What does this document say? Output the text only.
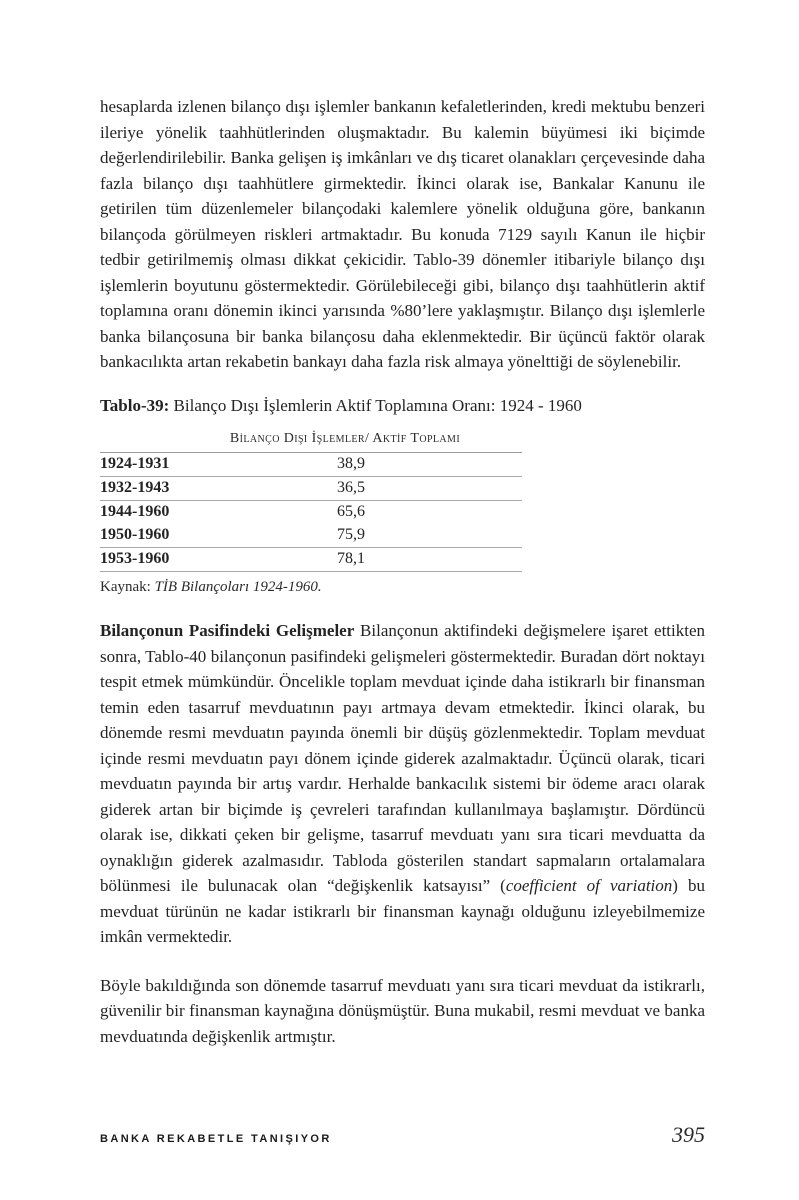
hesaplarda izlenen bilanço dışı işlemler bankanın kefaletlerinden, kredi mektubu benzeri ileriye yönelik taahhütlerinden oluşmaktadır. Bu kalemin büyümesi iki biçimde değerlendirilebilir. Banka gelişen iş imkânları ve dış ticaret olanakları çerçevesinde daha fazla bilanço dışı taahhütlere girmektedir. İkinci olarak ise, Bankalar Kanunu ile getirilen tüm düzenlemeler bilançodaki kalemlere yönelik olduğuna göre, bankanın bilançoda görülmeyen riskleri artmaktadır. Bu konuda 7129 sayılı Kanun ile hiçbir tedbir getirilmemiş olması dikkat çekicidir. Tablo-39 dönemler itibariyle bilanço dışı işlemlerin boyutunu göstermektedir. Görülebileceği gibi, bilanço dışı taahhütlerin aktif toplamına oranı dönemin ikinci yarısında %80’lere yaklaşmıştır. Bilanço dışı işlemlerle banka bilançosuna bir banka bilançosu daha eklenmektedir. Bir üçüncü faktör olarak bankacılıkta artan rekabetin bankayı daha fazla risk almaya yönelttiği de söylenebilir.

Tablo-39: Bilanço Dışı İşlemlerin Aktif Toplamına Oranı: 1924 - 1960

Bilanço Dışı İşlemler/ Aktif Toplamı	
1924-1931	38,9
1932-1943	36,5
1944-1960	65,6
1950-1960	75,9
1953-1960	78,1

Kaynak: TİB Bilançoları 1924-1960.

Bilançonun Pasifindeki Gelişmeler Bilançonun aktifindeki değişmelere işaret ettikten sonra, Tablo-40 bilançonun pasifindeki gelişmeleri göstermektedir. Buradan dört noktayı tespit etmek mümkündür. Öncelikle toplam mevduat içinde daha istikrarlı bir finansman temin eden tasarruf mevduatının payı artmaya devam etmektedir. İkinci olarak, bu dönemde resmi mevduatın payında önemli bir düşüş gözlenmektedir. Toplam mevduat içinde resmi mevduatın payı dönem içinde giderek azalmaktadır. Üçüncü olarak, ticari mevduatın payında bir artış vardır. Herhalde bankacılık sistemi bir ödeme aracı olarak giderek artan bir biçimde iş çevreleri tarafından kullanılmaya başlamıştır. Dördüncü olarak ise, dikkati çeken bir gelişme, tasarruf mevduatı yanı sıra ticari mevduatta da oynaklığın giderek azalmasıdır. Tabloda gösterilen standart sapmaların ortalamalara bölünmesi ile bulunacak olan “değişkenlik katsayısı” (coefficient of variation) bu mevduat türünün ne kadar istikrarlı bir finansman kaynağı olduğunu izleyebilmemize imkân vermektedir.

Böyle bakıldığında son dönemde tasarruf mevduatı yanı sıra ticari mevduat da istikrarlı, güvenilir bir finansman kaynağına dönüşmüştür. Buna mukabil, resmi mevduat ve banka mevduatında değişkenlik artmıştır.

BANKA REKABETLE TANIŞIYOR	395
